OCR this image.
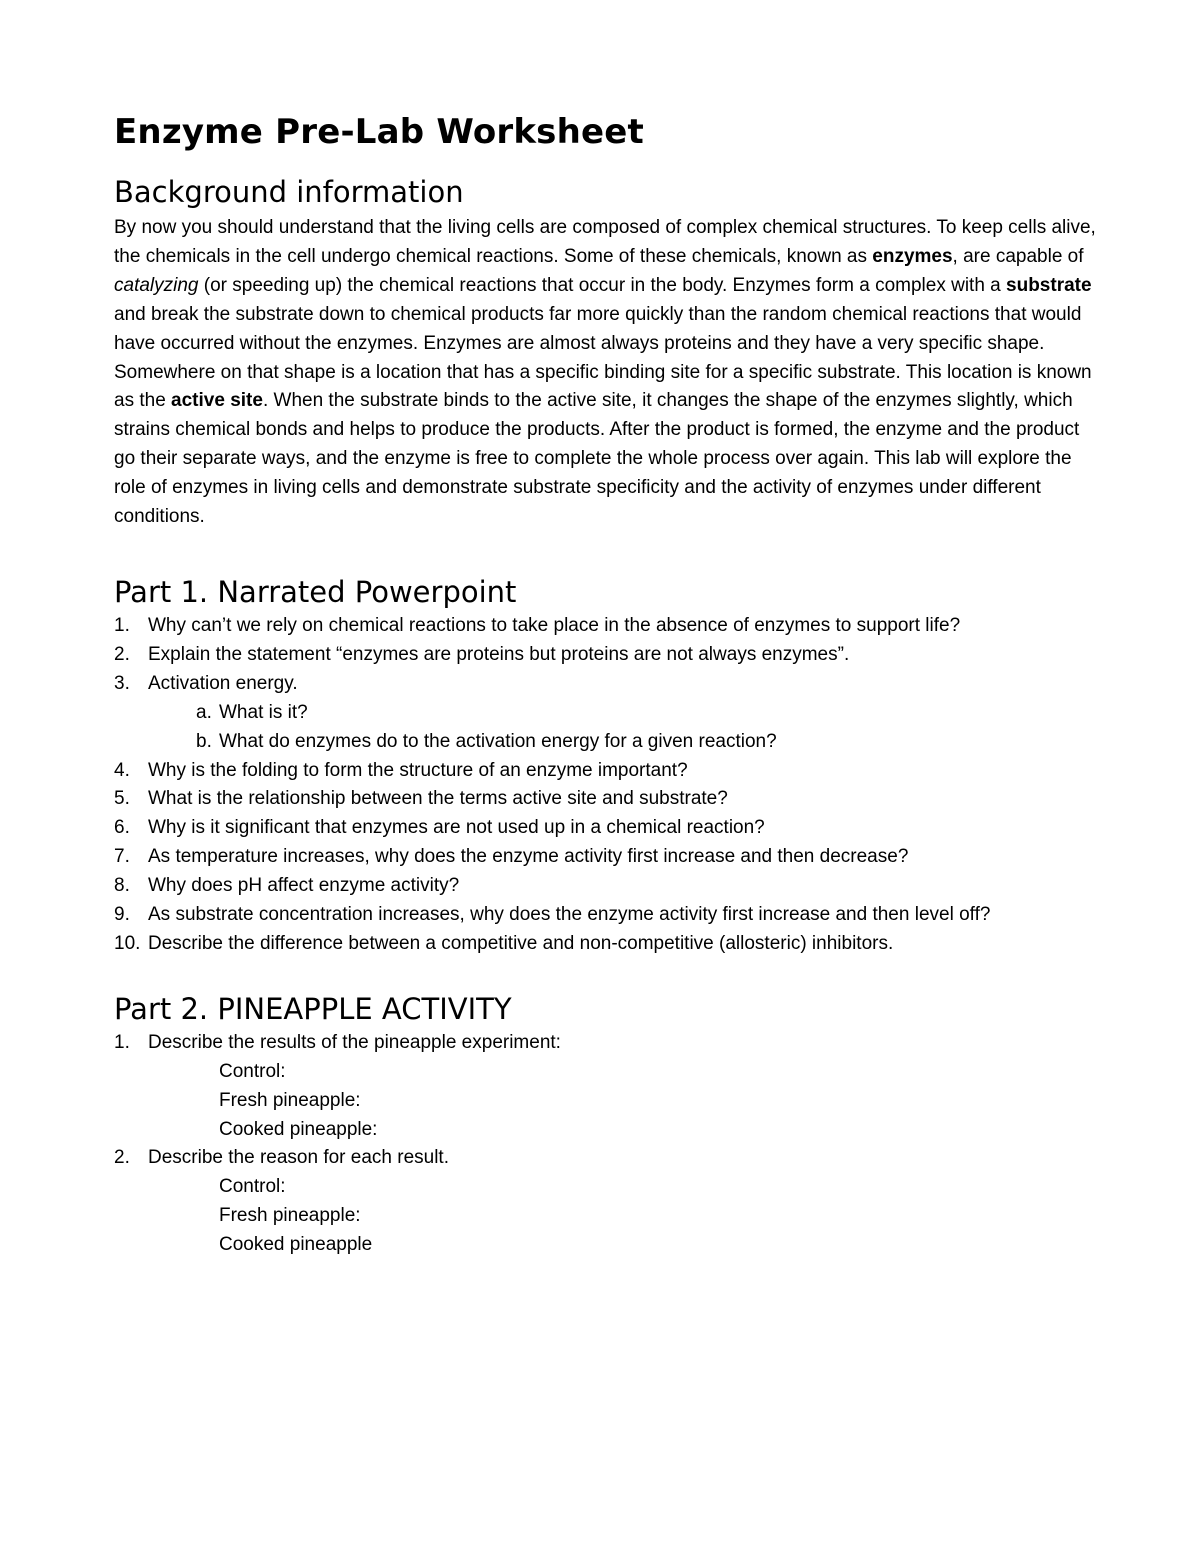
Enzyme Pre-Lab Worksheet
Background information

By now you should understand that the living cells are composed of complex chemical structures. To keep cells alive, the chemicals in the cell undergo chemical reactions. Some of these chemicals, known as enzymes, are capable of catalyzing (or speeding up) the chemical reactions that occur in the body. Enzymes form a complex with a substrate and break the substrate down to chemical products far more quickly than the random chemical reactions that would have occurred without the enzymes. Enzymes are almost always proteins and they have a very specific shape. Somewhere on that shape is a location that has a specific binding site for a specific substrate. This location is known as the active site. When the substrate binds to the active site, it changes the shape of the enzymes slightly, which strains chemical bonds and helps to produce the products. After the product is formed, the enzyme and the product go their separate ways, and the enzyme is free to complete the whole process over again. This lab will explore the role of enzymes in living cells and demonstrate substrate specificity and the activity of enzymes under different conditions.

Part 1. Narrated Powerpoint
1. Why can’t we rely on chemical reactions to take place in the absence of enzymes to support life?
2. Explain the statement “enzymes are proteins but proteins are not always enzymes”.
3. Activation energy.
a. What is it?
b. What do enzymes do to the activation energy for a given reaction?
4. Why is the folding to form the structure of an enzyme important?
5. What is the relationship between the terms active site and substrate?
6. Why is it significant that enzymes are not used up in a chemical reaction?
7. As temperature increases, why does the enzyme activity first increase and then decrease?
8. Why does pH affect enzyme activity?
9. As substrate concentration increases, why does the enzyme activity first increase and then level off?
10. Describe the difference between a competitive and non-competitive (allosteric) inhibitors.
Part 2. PINEAPPLE ACTIVITY
1. Describe the results of the pineapple experiment:
Control:
Fresh pineapple:
Cooked pineapple:
2. Describe the reason for each result.
Control:
Fresh pineapple:
Cooked pineapple
